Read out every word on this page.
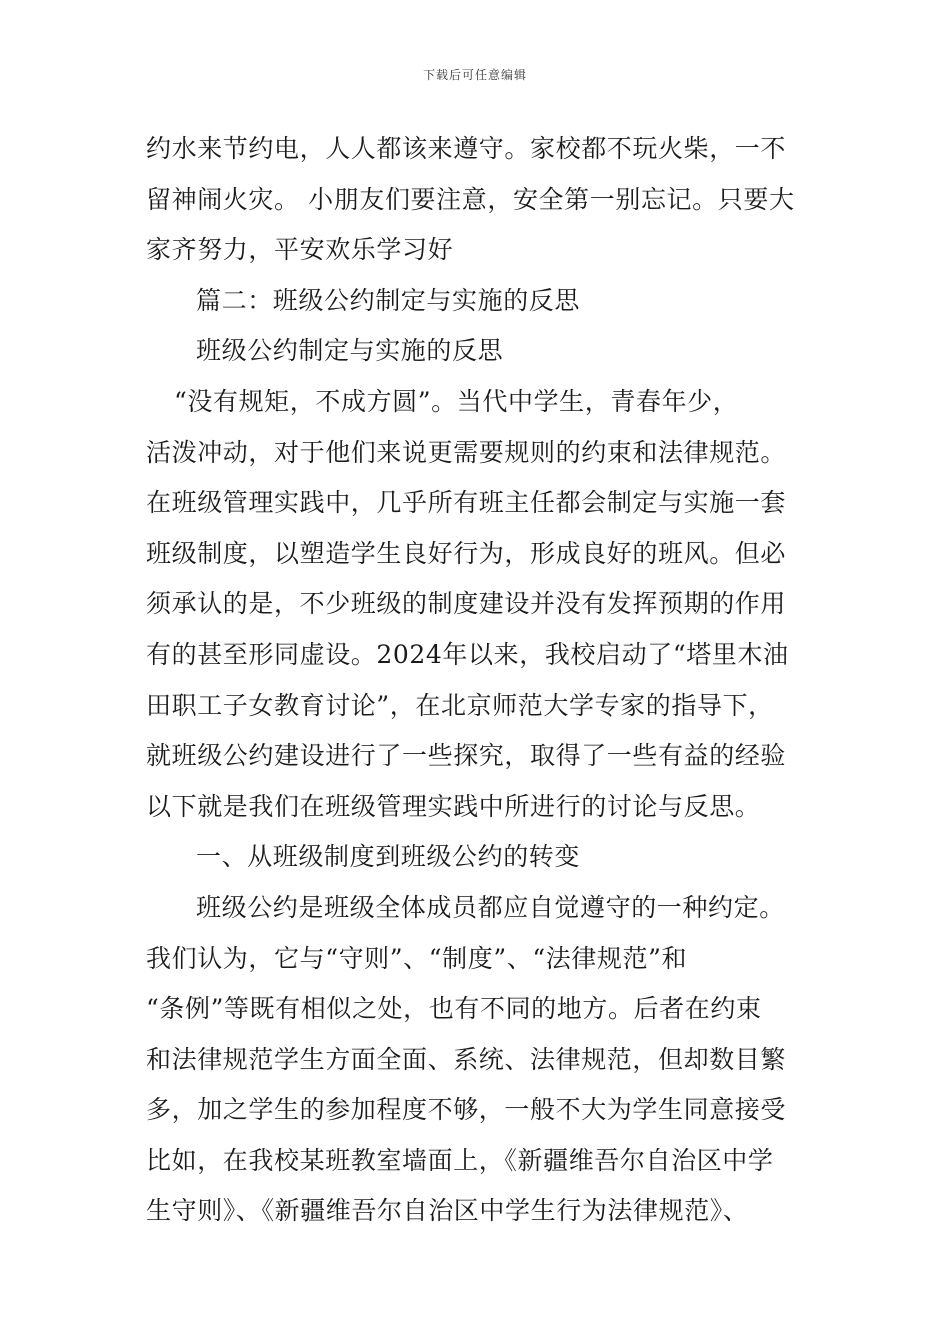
下载后可任意编辑
约水来节约电，人人都该来遵守。家校都不玩火柴，一不
留神闹火灾。 小朋友们要注意，安全第一别忘记。只要大
家齐努力，平安欢乐学习好
篇二：班级公约制定与实施的反思
班级公约制定与实施的反思
“没有规矩，不成方圆”。当代中学生，青春年少，
活泼冲动，对于他们来说更需要规则的约束和法律规范。
在班级管理实践中，几乎所有班主任都会制定与实施一套
班级制度，以塑造学生良好行为，形成良好的班风。但必
须承认的是，不少班级的制度建设并没有发挥预期的作用
有的甚至形同虚设。2024年以来，我校启动了“塔里木油
田职工子女教育讨论”，在北京师范大学专家的指导下，
就班级公约建设进行了一些探究，取得了一些有益的经验
以下就是我们在班级管理实践中所进行的讨论与反思。
一、从班级制度到班级公约的转变
班级公约是班级全体成员都应自觉遵守的一种约定。
我们认为，它与“守则”、“制度”、“法律规范”和
“条例”等既有相似之处，也有不同的地方。后者在约束
和法律规范学生方面全面、系统、法律规范，但却数目繁
多，加之学生的参加程度不够，一般不大为学生同意接受
比如，在我校某班教室墙面上，《新疆维吾尔自治区中学
生守则》、《新疆维吾尔自治区中学生行为法律规范》、
